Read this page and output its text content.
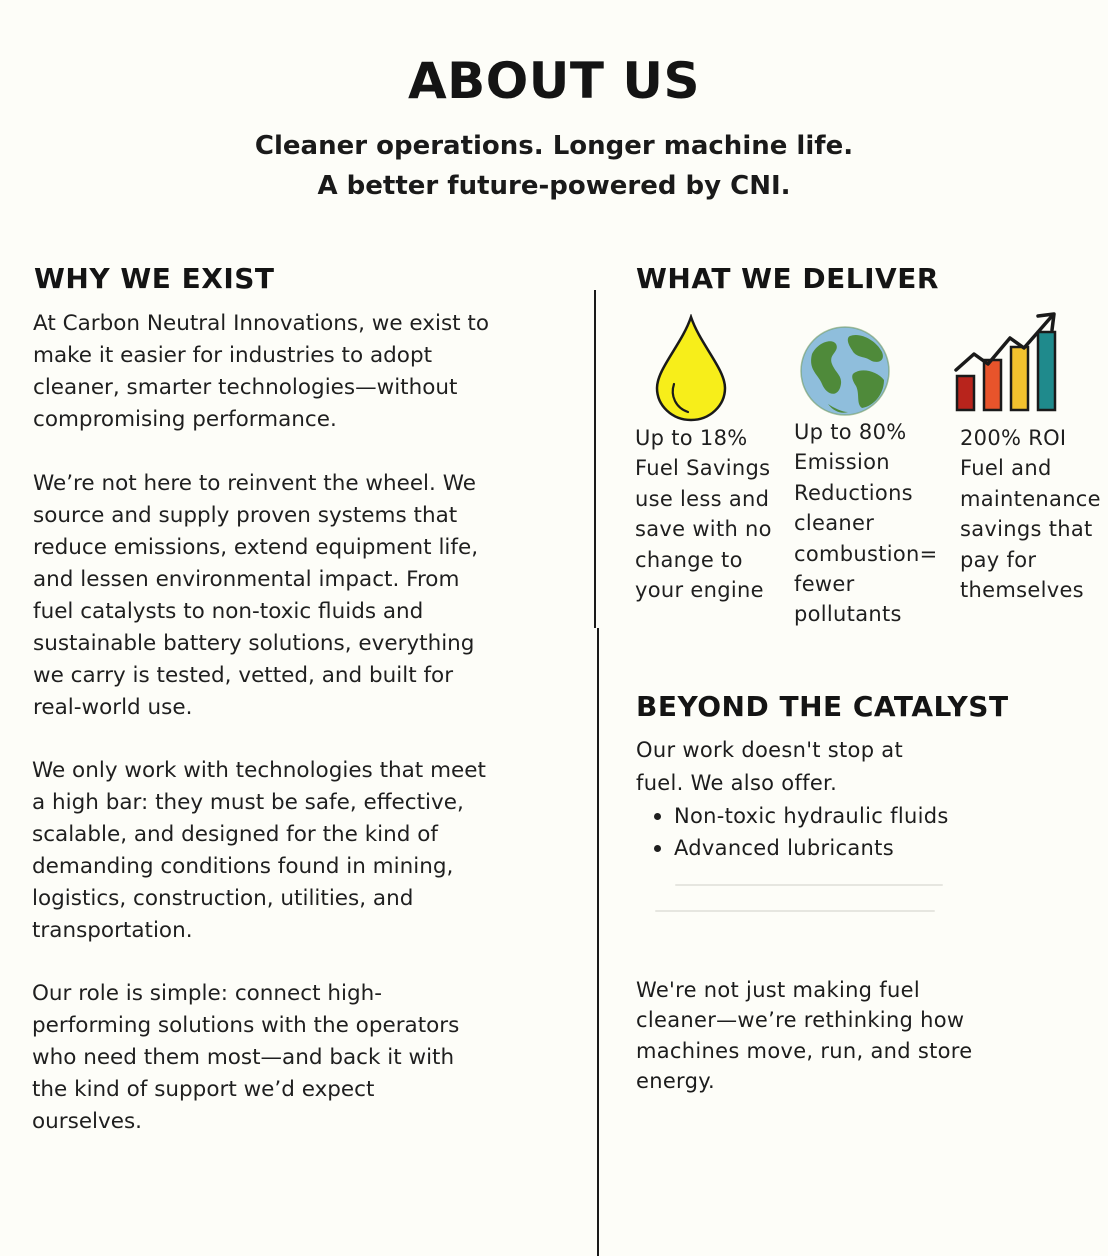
ABOUT US
Cleaner operations. Longer machine life.
A better future-powered by CNI.
WHY WE EXIST
At Carbon Neutral Innovations, we exist to
make it easier for industries to adopt
cleaner, smarter technologies—without
compromising performance.
We’re not here to reinvent the wheel. We
source and supply proven systems that
reduce emissions, extend equipment life,
and lessen environmental impact. From
fuel catalysts to non-toxic fluids and
sustainable battery solutions, everything
we carry is tested, vetted, and built for
real-world use.
We only work with technologies that meet
a high bar: they must be safe, effective,
scalable, and designed for the kind of
demanding conditions found in mining,
logistics, construction, utilities, and
transportation.
Our role is simple: connect high-
performing solutions with the operators
who need them most—and back it with
the kind of support we’d expect
ourselves.
WHAT WE DELIVER
Up to 18%
Fuel Savings
use less and
save with no
change to
your engine
Up to 80%
Emission
Reductions
cleaner
combustion=
fewer
pollutants
200% ROI
Fuel and
maintenance
savings that
pay for
themselves
BEYOND THE CATALYST
Our work doesn't stop at
fuel. We also offer.
Non-toxic hydraulic fluids
Advanced lubricants
We're not just making fuel
cleaner—we’re rethinking how
machines move, run, and store
energy.
